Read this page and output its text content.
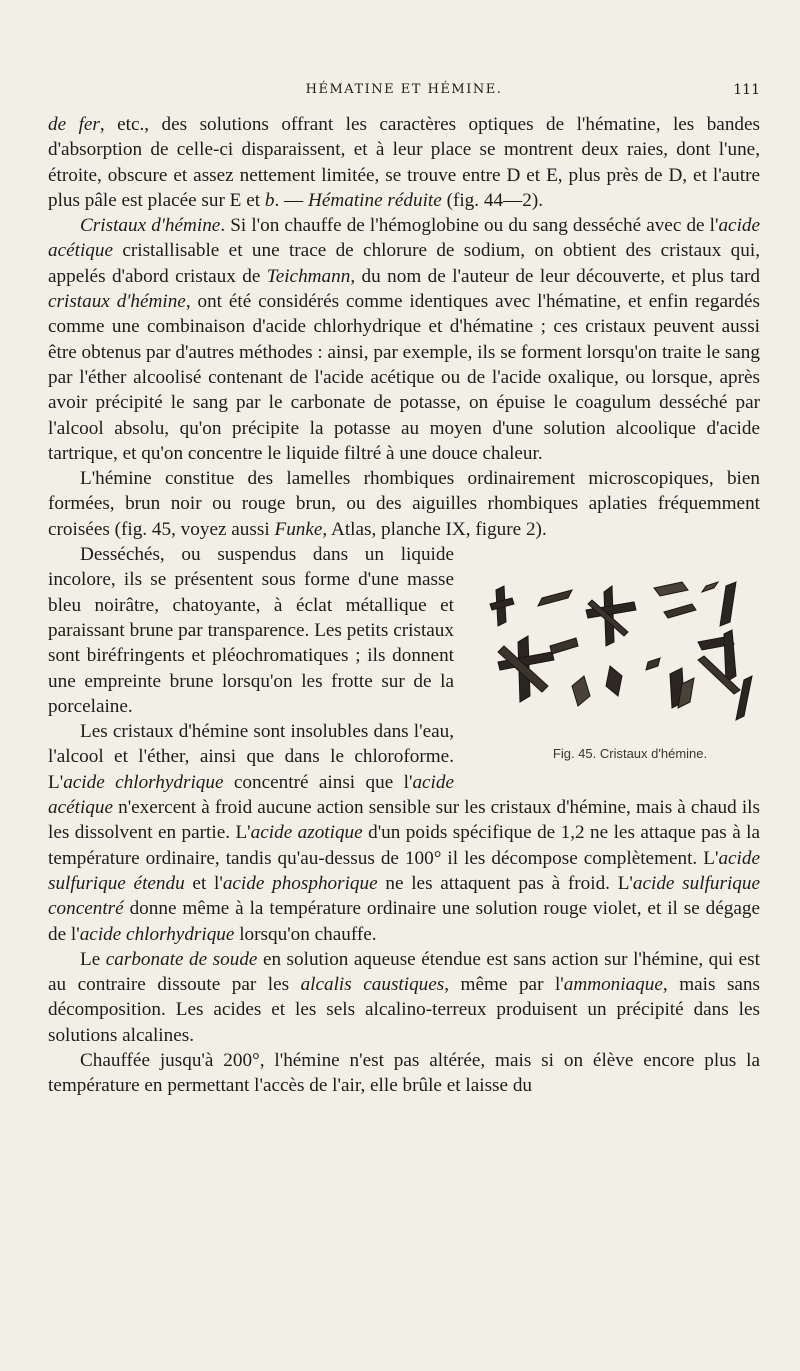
HÉMATINE ET HÉMINE.	111

de fer, etc., des solutions offrant les caractères optiques de l'hématine, les bandes d'absorption de celle-ci disparaissent, et à leur place se montrent deux raies, dont l'une, étroite, obscure et assez nettement limitée, se trouve entre D et E, plus près de D, et l'autre plus pâle est placée sur E et b. — Hématine réduite (fig. 44—2).

Cristaux d'hémine. Si l'on chauffe de l'hémoglobine ou du sang desséché avec de l'acide acétique cristallisable et une trace de chlorure de sodium, on obtient des cristaux qui, appelés d'abord cristaux de Teichmann, du nom de l'auteur de leur découverte, et plus tard cristaux d'hémine, ont été considérés comme identiques avec l'hématine, et enfin regardés comme une combinaison d'acide chlorhydrique et d'hématine ; ces cristaux peuvent aussi être obtenus par d'autres méthodes : ainsi, par exemple, ils se forment lorsqu'on traite le sang par l'éther alcoolisé contenant de l'acide acétique ou de l'acide oxalique, ou lorsque, après avoir précipité le sang par le carbonate de potasse, on épuise le coagulum desséché par l'alcool absolu, qu'on précipite la potasse au moyen d'une solution alcoolique d'acide tartrique, et qu'on concentre le liquide filtré à une douce chaleur.

L'hémine constitue des lamelles rhombiques ordinairement microscopiques, bien formées, brun noir ou rouge brun, ou des aiguilles rhombiques aplaties fréquemment croisées (fig. 45, voyez aussi Funke, Atlas, planche IX, figure 2).

Fig. 45. Cristaux d'hémine.
Desséchés, ou suspendus dans un liquide incolore, ils se présentent sous forme d'une masse bleu noirâtre, chatoyante, à éclat métallique et paraissant brune par transparence. Les petits cristaux sont biréfringents et pléochromatiques ; ils donnent une empreinte brune lorsqu'on les frotte sur de la porcelaine.

Les cristaux d'hémine sont insolubles dans l'eau, l'alcool et l'éther, ainsi que dans le chloroforme. L'acide chlorhydrique concentré ainsi que l'acide acétique n'exercent à froid aucune action sensible sur les cristaux d'hémine, mais à chaud ils les dissolvent en partie. L'acide azotique d'un poids spécifique de 1,2 ne les attaque pas à la température ordinaire, tandis qu'au-dessus de 100° il les décompose complètement. L'acide sulfurique étendu et l'acide phosphorique ne les attaquent pas à froid. L'acide sulfurique concentré donne même à la température ordinaire une solution rouge violet, et il se dégage de l'acide chlorhydrique lorsqu'on chauffe.

Le carbonate de soude en solution aqueuse étendue est sans action sur l'hémine, qui est au contraire dissoute par les alcalis caustiques, même par l'ammoniaque, mais sans décomposition. Les acides et les sels alcalino-terreux produisent un précipité dans les solutions alcalines.

Chauffée jusqu'à 200°, l'hémine n'est pas altérée, mais si on élève encore plus la température en permettant l'accès de l'air, elle brûle et laisse du
